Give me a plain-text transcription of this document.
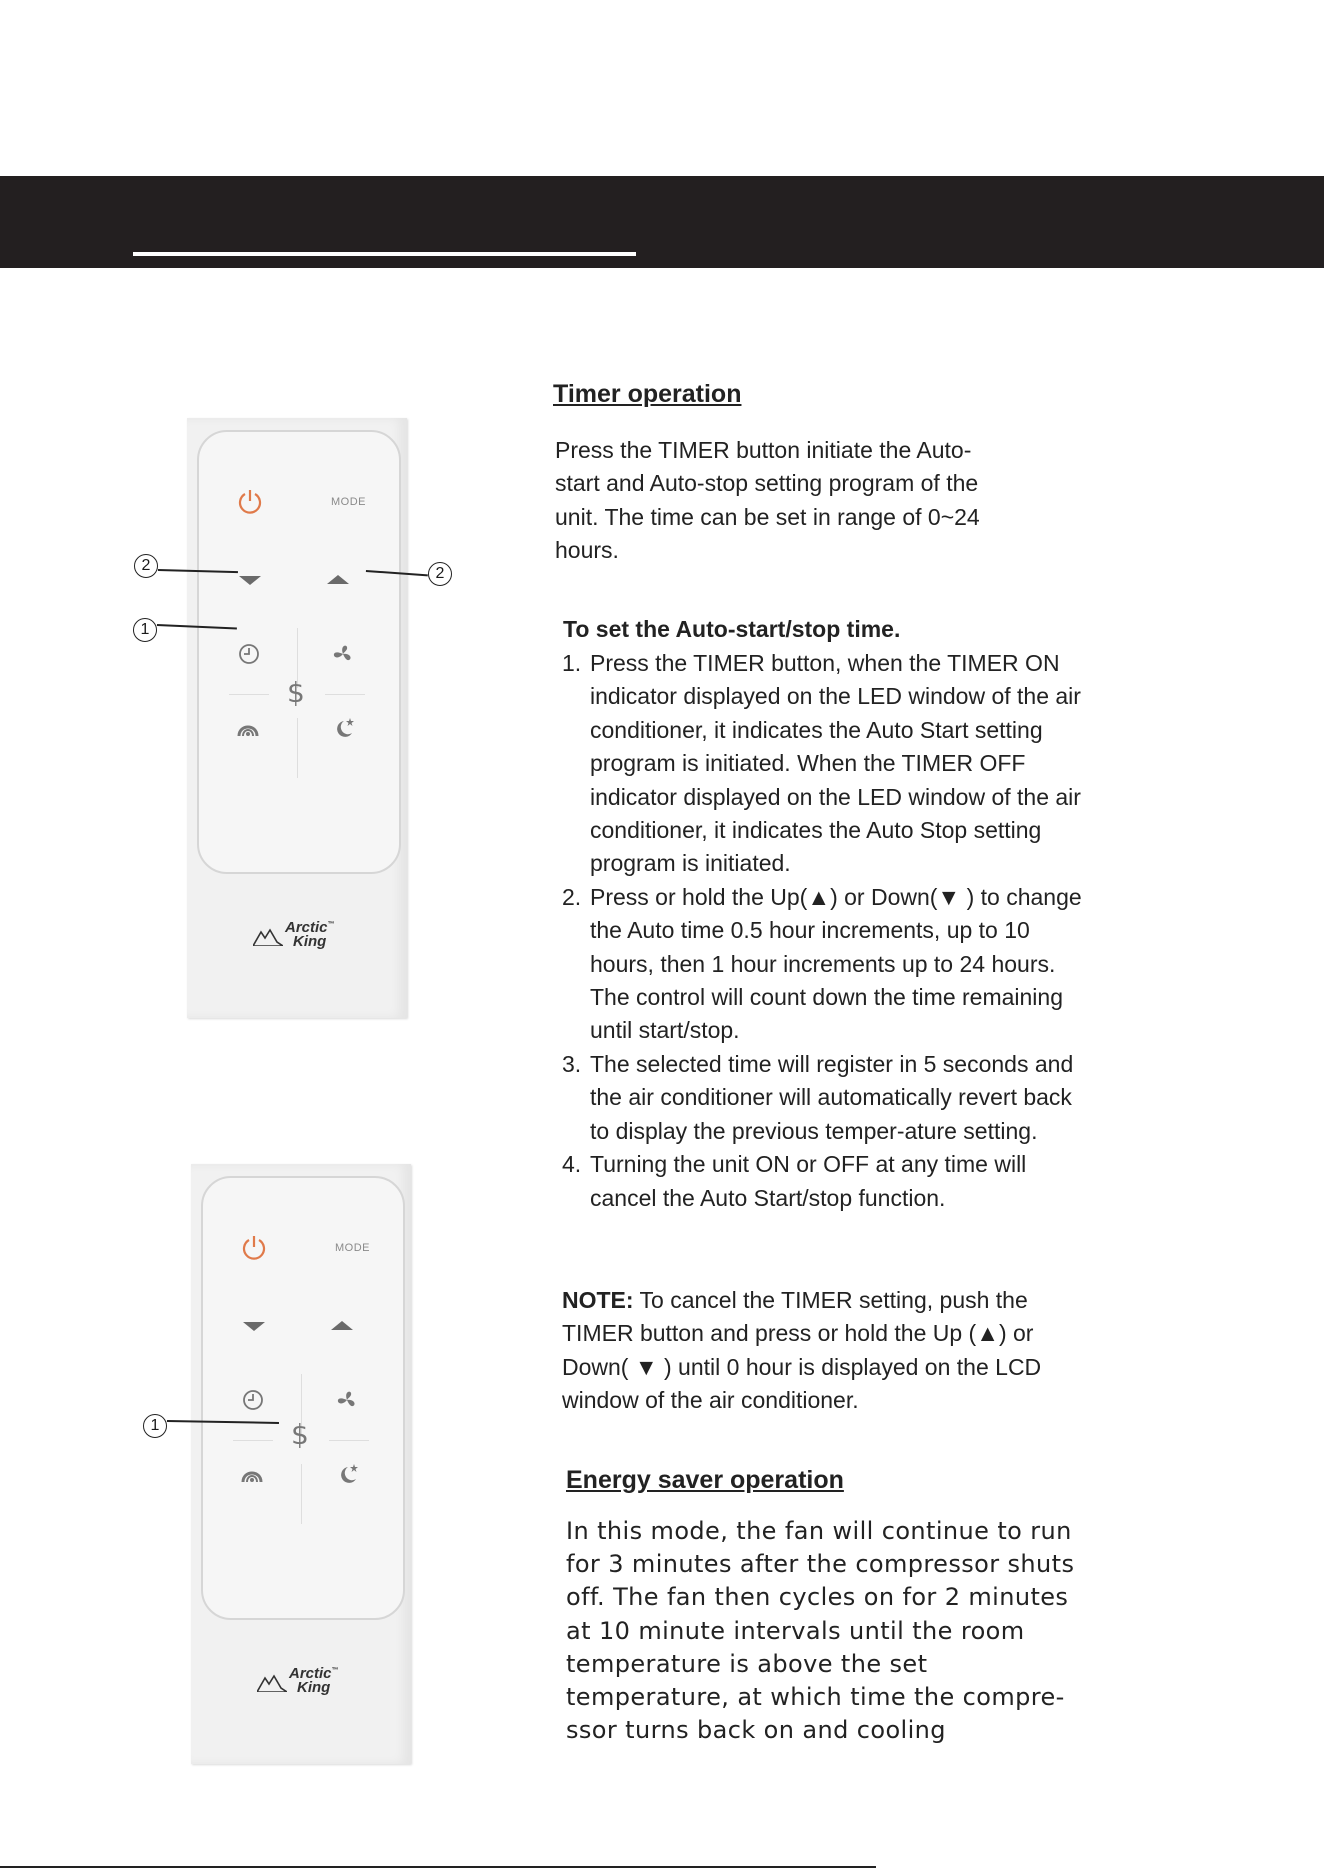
MODE
$
Arctic™
King
MODE
$
Arctic™
King
2	2
1
1
Timer operation
Press the TIMER button initiate the Auto-start and Auto-stop setting program of the unit. The time can be set in range of 0~24 hours.
To set the Auto-start/stop time.
1. Press the TIMER button, when the TIMER ON indicator displayed on the LED window of the air conditioner, it indicates the Auto Start setting program is initiated. When the TIMER OFF indicator displayed on the LED window of the air conditioner, it indicates the Auto Stop setting program is initiated.
2. Press or hold the Up(▲) or Down(▼ ) to change the Auto time 0.5 hour increments, up to 10 hours, then 1 hour increments up to 24 hours. The control will count down the time remaining until start/stop.
3. The selected time will register in 5 seconds and the air conditioner will automatically revert back to display the previous temper-ature setting.
4. Turning the unit ON or OFF at any time will cancel the Auto Start/stop function.
NOTE: To cancel the TIMER setting, push the TIMER button and press or hold the Up (▲) or Down( ▼ ) until 0 hour is displayed on the LCD window of the air conditioner.
Energy saver operation
In this mode, the fan will continue to run for 3 minutes after the compressor shuts off. The fan then cycles on for 2 minutes at 10 minute intervals until the room temperature is above the set temperature, at which time the compre-ssor turns back on and cooling
